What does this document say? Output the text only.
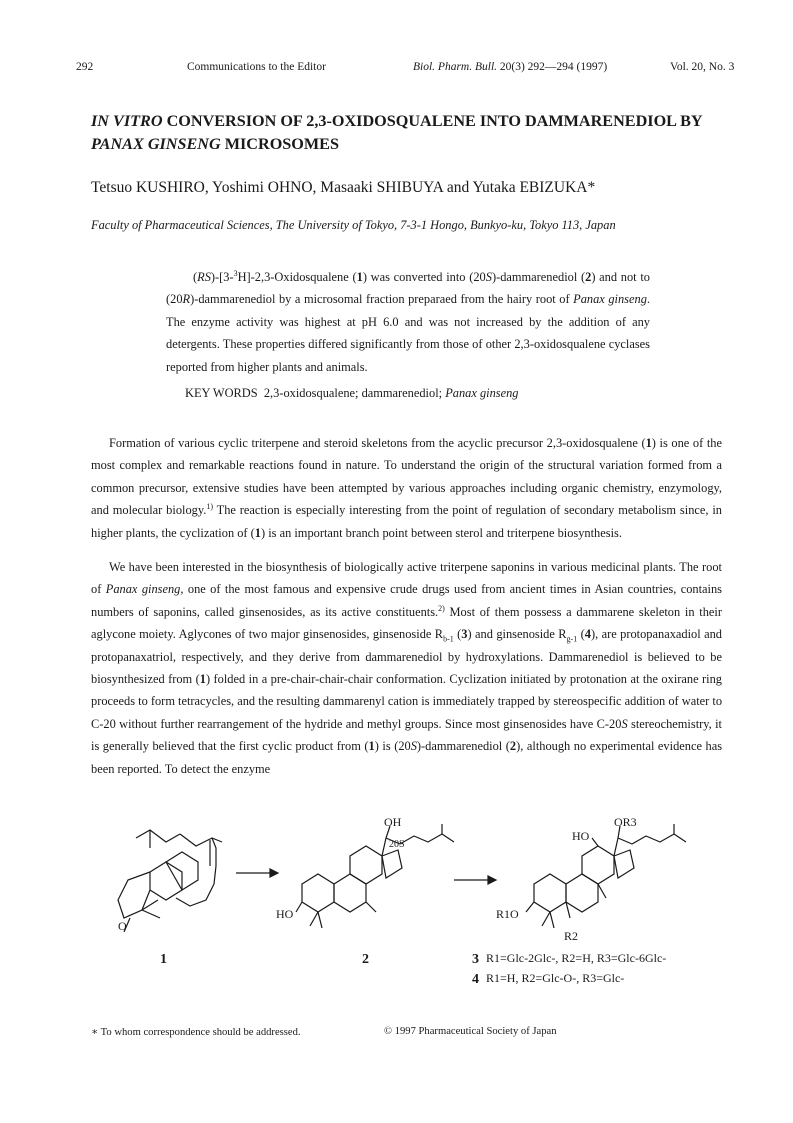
292	Communications to the Editor	Biol. Pharm. Bull. 20(3) 292—294 (1997)	Vol. 20, No. 3
IN VITRO CONVERSION OF 2,3-OXIDOSQUALENE INTO DAMMARENEDIOL BY
PANAX GINSENG MICROSOMES
Tetsuo KUSHIRO, Yoshimi OHNO, Masaaki SHIBUYA and Yutaka EBIZUKA*
Faculty of Pharmaceutical Sciences, The University of Tokyo, 7-3-1 Hongo, Bunkyo-ku, Tokyo 113, Japan
(RS)-[3-$^3$H]-2,3-Oxidosqualene (1) was converted into (20S)-dammarenediol (2) and not to (20R)-dammarenediol by a microsomal fraction preparaed from the hairy root of Panax ginseng. The enzyme activity was highest at pH 6.0 and was not increased by the addition of any detergents. These properties differed significantly from those of other 2,3-oxidosqualene cyclases reported from higher plants and animals.
KEY WORDS 2,3-oxidosqualene; dammarenediol; Panax ginseng
Formation of various cyclic triterpene and steroid skeletons from the acyclic precursor 2,3-oxidosqualene (1) is one of the most complex and remarkable reactions found in nature. To understand the origin of the structural variation formed from a common precursor, extensive studies have been attempted by various approaches including organic chemistry, enzymology, and molecular biology.$^{1)}$ The reaction is especially interesting from the point of regulation of secondary metabolism since, in higher plants, the cyclization of (1) is an important branch point between sterol and triterpene biosynthesis.
We have been interested in the biosynthesis of biologically active triterpene saponins in various medicinal plants. The root of Panax ginseng, one of the most famous and expensive crude drugs used from ancient times in Asian countries, contains numbers of saponins, called ginsenosides, as its active constituents.$^{2)}$ Most of them possess a dammarene skeleton in their aglycone moiety. Aglycones of two major ginsenosides, ginsenoside $R_{b-1}$ (3) and ginsenoside $R_{g-1}$ (4), are protopanaxadiol and protopanaxatriol, respectively, and they derive from dammarenediol by hydroxylations. Dammarenediol is believed to be biosynthesized from (1) folded in a pre-chair-chair-chair conformation. Cyclization initiated by protonation at the oxirane ring proceeds to form tetracycles, and the resulting dammarenyl cation is immediately trapped by stereospecific addition of water to C-20 without further rearrangement of the hydride and methyl groups. Since most ginsenosides have C-20S stereochemistry, it is generally believed that the first cyclic product from (1) is (20S)-dammarenediol (2), although no experimental evidence has been reported. To detect the enzyme
O
OH
20S
HO
OR3
HO
R1O
R2
1	2	3 R1=Glc-2Glc-, R2=H, R3=Glc-6Glc-
4 R1=H, R2=Glc-O-, R3=Glc-
∗ To whom correspondence should be addressed.	© 1997 Pharmaceutical Society of Japan
